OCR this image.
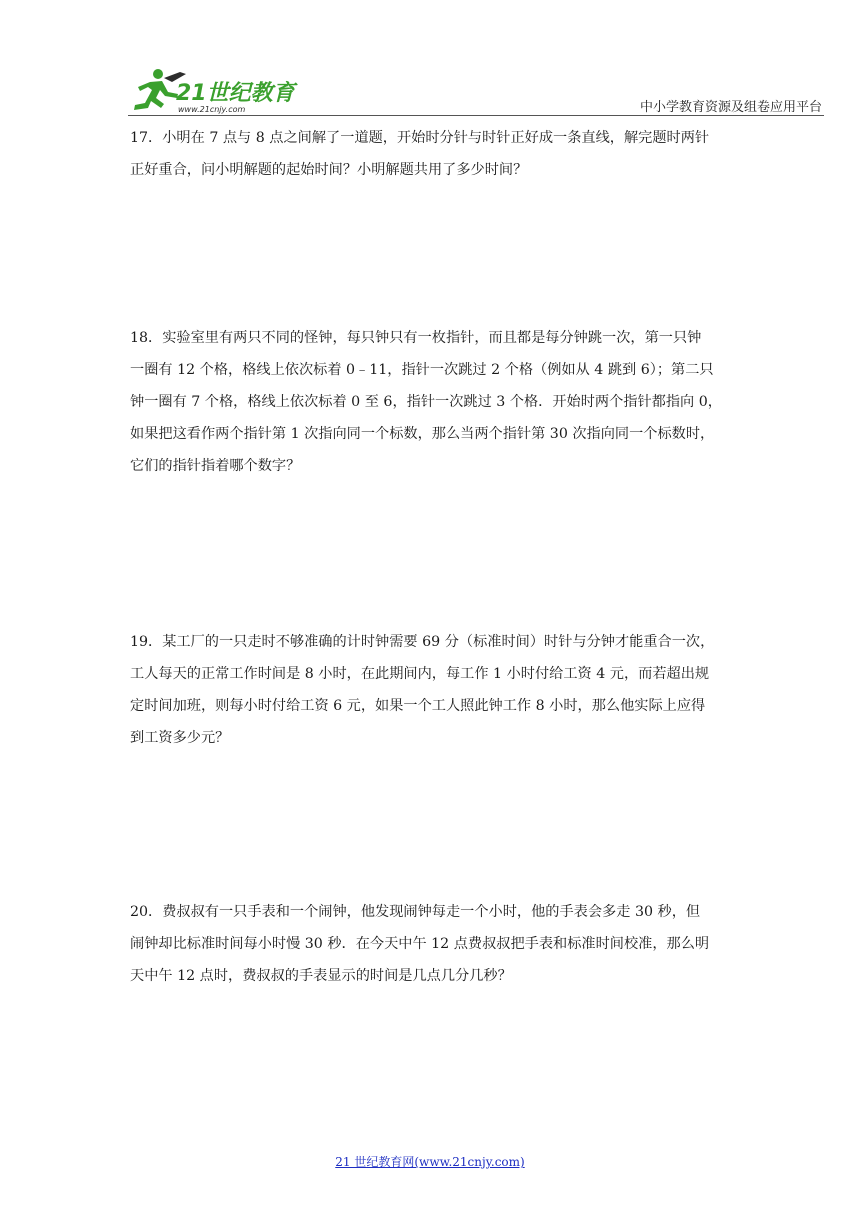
21世纪教育
www.21cnjy.com	中小学教育资源及组卷应用平台
17．小明在 7 点与 8 点之间解了一道题，开始时分针与时针正好成一条直线，解完题时两针
正好重合，问小明解题的起始时间？小明解题共用了多少时间？
18．实验室里有两只不同的怪钟，每只钟只有一枚指针，而且都是每分钟跳一次，第一只钟
一圈有 12 个格，格线上依次标着 0﹣11，指针一次跳过 2 个格（例如从 4 跳到 6）；第二只
钟一圈有 7 个格，格线上依次标着 0 至 6，指针一次跳过 3 个格．开始时两个指针都指向 0，
如果把这看作两个指针第 1 次指向同一个标数，那么当两个指针第 30 次指向同一个标数时，
它们的指针指着哪个数字？
19．某工厂的一只走时不够准确的计时钟需要 69 分（标准时间）时针与分钟才能重合一次，
工人每天的正常工作时间是 8 小时，在此期间内，每工作 1 小时付给工资 4 元，而若超出规
定时间加班，则每小时付给工资 6 元，如果一个工人照此钟工作 8 小时，那么他实际上应得
到工资多少元？
20．费叔叔有一只手表和一个闹钟，他发现闹钟每走一个小时，他的手表会多走 30 秒，但
闹钟却比标准时间每小时慢 30 秒．在今天中午 12 点费叔叔把手表和标准时间校准，那么明
天中午 12 点时，费叔叔的手表显示的时间是几点几分几秒？
21 世纪教育网(www.21cnjy.com)
